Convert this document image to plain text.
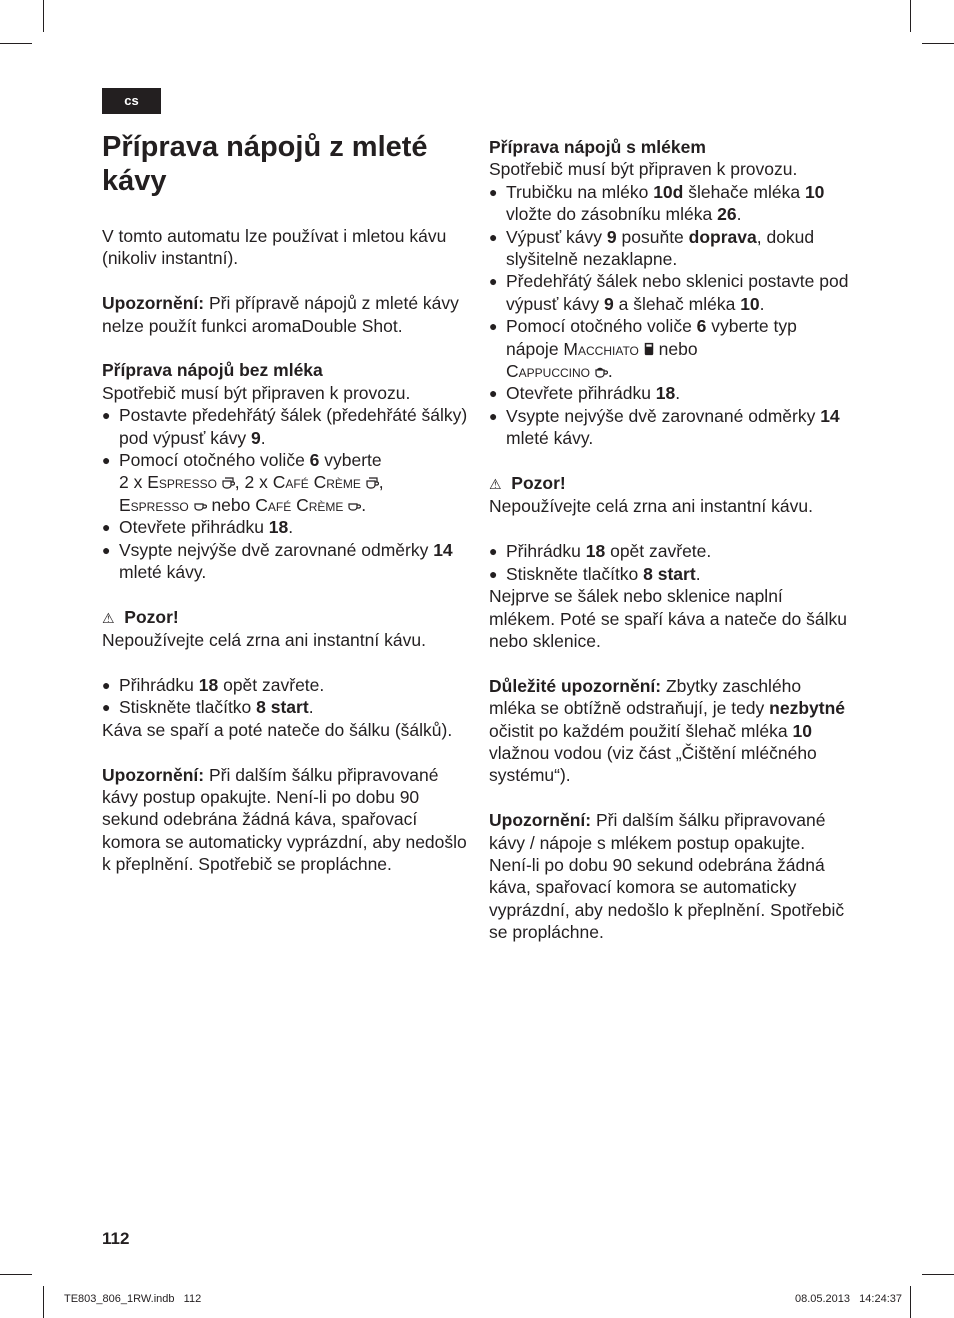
cs
Příprava nápojů z mleté kávy

V tomto automatu lze používat i mletou kávu (nikoliv instantní).

Upozornění: Při přípravě nápojů z mleté kávy nelze použít funkci aromaDouble Shot.

Příprava nápojů bez mléka

Spotřebič musí být připraven k provozu.

● Postavte předehřátý šálek (předehřáté šálky) pod výpusť kávy 9.

● Pomocí otočného voliče 6 vyberte
2 x Espresso , 2 x Café Crème ,
Espresso  nebo Café Crème .

● Otevřete přihrádku 18.

● Vsypte nejvýše dvě zarovnané odměrky 14 mleté kávy.

⚠ Pozor!

Nepoužívejte celá zrna ani instantní kávu.

● Přihrádku 18 opět zavřete.

● Stiskněte tlačítko 8 start.

Káva se spaří a poté nateče do šálku (šálků).

Upozornění: Při dalším šálku připravované kávy postup opakujte. Není-li po dobu 90 sekund odebrána žádná káva, spařovací komora se automaticky vyprázdní, aby nedošlo k přeplnění. Spotřebič se propláchne.

Příprava nápojů s mlékem

Spotřebič musí být připraven k provozu.

● Trubičku na mléko 10d šlehače mléka 10 vložte do zásobníku mléka 26.

● Výpusť kávy 9 posuňte doprava, dokud slyšitelně nezaklapne.

● Předehřátý šálek nebo sklenici postavte pod výpusť kávy 9 a šlehač mléka 10.

● Pomocí otočného voliče 6 vyberte typ nápoje Macchiato  nebo
Cappuccino .

● Otevřete přihrádku 18.

● Vsypte nejvýše dvě zarovnané odměrky 14 mleté kávy.

⚠ Pozor!

Nepoužívejte celá zrna ani instantní kávu.

● Přihrádku 18 opět zavřete.

● Stiskněte tlačítko 8 start.

Nejprve se šálek nebo sklenice naplní mlékem. Poté se spaří káva a nateče do šálku nebo sklenice.

Důležité upozornění: Zbytky zaschlého mléka se obtížně odstraňují, je tedy nezbytné očistit po každém použití šlehač mléka 10 vlažnou vodou (viz část „Čištění mléčného systému“).

Upozornění: Při dalším šálku připravované kávy / nápoje s mlékem postup opakujte. Není-li po dobu 90 sekund odebrána žádná káva, spařovací komora se automaticky vyprázdní, aby nedošlo k přeplnění. Spotřebič se propláchne.

112
TE803_806_1RW.indb   112	08.05.2013   14:24:37
